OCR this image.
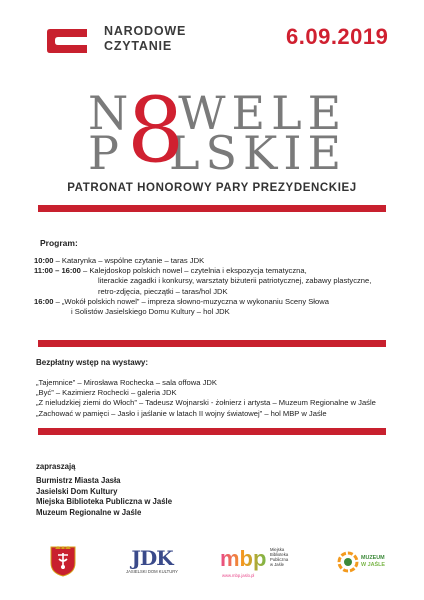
NARODOWE
CZYTANIE	6.09.2019
N WELE
P LSKIE
8
PATRONAT HONOROWY PARY PREZYDENCKIEJ
Program:
10:00 – Katarynka – wspólne czytanie – taras JDK
11:00 – 16:00 – Kalejdoskop polskich nowel – czytelnia i ekspozycja tematyczna,
literackie zagadki i konkursy, warsztaty biżuterii patriotycznej, zabawy plastyczne,
retro-zdjęcia, pieczątki – taras/hol JDK
16:00 – „Wokół polskich nowel” – impreza słowno-muzyczna w wykonaniu Sceny Słowa
i Solistów Jasielskiego Domu Kultury – hol JDK
Bezpłatny wstęp na wystawy:
„Tajemnice” – Mirosława Rochecka – sala offowa JDK
„Być” – Kazimierz Rochecki – galeria JDK
„Z nieludzkiej ziemi do Włoch” – Tadeusz Wojnarski - żołnierz i artysta – Muzeum Regionalne w Jaśle
„Zachować w pamięci – Jasło i jaślanie w latach II wojny światowej” – hol MBP w Jaśle
zapraszają
Burmistrz Miasta Jasła
Jasielski Dom Kultury
Miejska Biblioteka Publiczna w Jaśle
Muzeum Regionalne w Jaśle
JDK
JASIELSKI DOM KULTURY
mbp Miejska
Biblioteka
Publiczna
w Jaśle
www.mbp.jaslo.pl
MUZEUM
W JAŚLE
